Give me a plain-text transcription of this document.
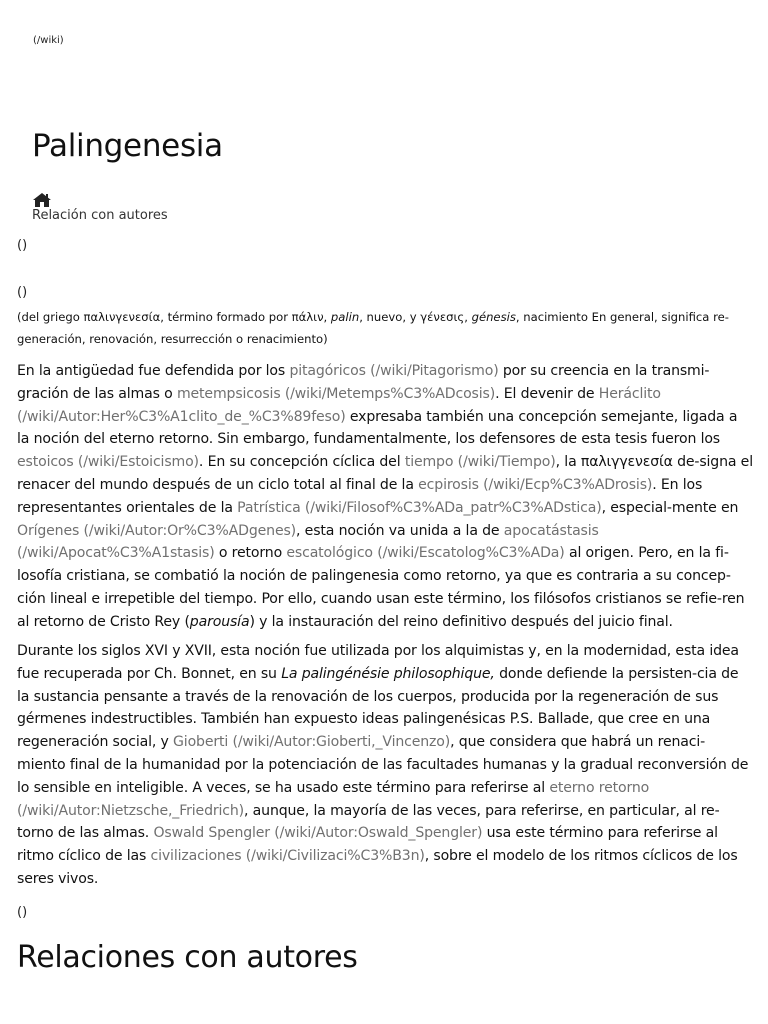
(/wiki)
Palingenesia
Relación con autores
()
()

(del griego παλινγενεσία, término formado por πάλιν, palin, nuevo, y γένεσις, génesis, nacimiento En general, significa re-generación, renovación, resurrección o renacimiento)

En la antigüedad fue defendida por los pitagóricos (/wiki/Pitagorismo) por su creencia en la transmi-gración de las almas o metempsicosis (/wiki/Metemps%C3%ADcosis). El devenir de Heráclito (/wiki/Autor:Her%C3%A1clito_de_%C3%89feso) expresaba también una concepción semejante, ligada a la noción del eterno retorno. Sin embargo, fundamentalmente, los defensores de esta tesis fueron los estoicos (/wiki/Estoicismo). En su concepción cíclica del tiempo (/wiki/Tiempo), la παλιγγενεσία de-signa el renacer del mundo después de un ciclo total al final de la ecpirosis (/wiki/Ecp%C3%ADrosis). En los representantes orientales de la Patrística (/wiki/Filosof%C3%ADa_patr%C3%ADstica), especial-mente en Orígenes (/wiki/Autor:Or%C3%ADgenes), esta noción va unida a la de apocatástasis (/wiki/Apocat%C3%A1stasis) o retorno escatológico (/wiki/Escatolog%C3%ADa) al origen. Pero, en la fi-losofía cristiana, se combatió la noción de palingenesia como retorno, ya que es contraria a su concep-ción lineal e irrepetible del tiempo. Por ello, cuando usan este término, los filósofos cristianos se refie-ren al retorno de Cristo Rey (parousía) y la instauración del reino definitivo después del juicio final.

Durante los siglos XVI y XVII, esta noción fue utilizada por los alquimistas y, en la modernidad, esta idea fue recuperada por Ch. Bonnet, en su La palingénésie philosophique, donde defiende la persisten-cia de la sustancia pensante a través de la renovación de los cuerpos, producida por la regeneración de sus gérmenes indestructibles. También han expuesto ideas palingenésicas P.S. Ballade, que cree en una regeneración social, y Gioberti (/wiki/Autor:Gioberti,_Vincenzo), que considera que habrá un renaci-miento final de la humanidad por la potenciación de las facultades humanas y la gradual reconversión de lo sensible en inteligible. A veces, se ha usado este término para referirse al eterno retorno (/wiki/Autor:Nietzsche,_Friedrich), aunque, la mayoría de las veces, para referirse, en particular, al re-torno de las almas. Oswald Spengler (/wiki/Autor:Oswald_Spengler) usa este término para referirse al ritmo cíclico de las civilizaciones (/wiki/Civilizaci%C3%B3n), sobre el modelo de los ritmos cíclicos de los seres vivos.

()
Relaciones con autores
